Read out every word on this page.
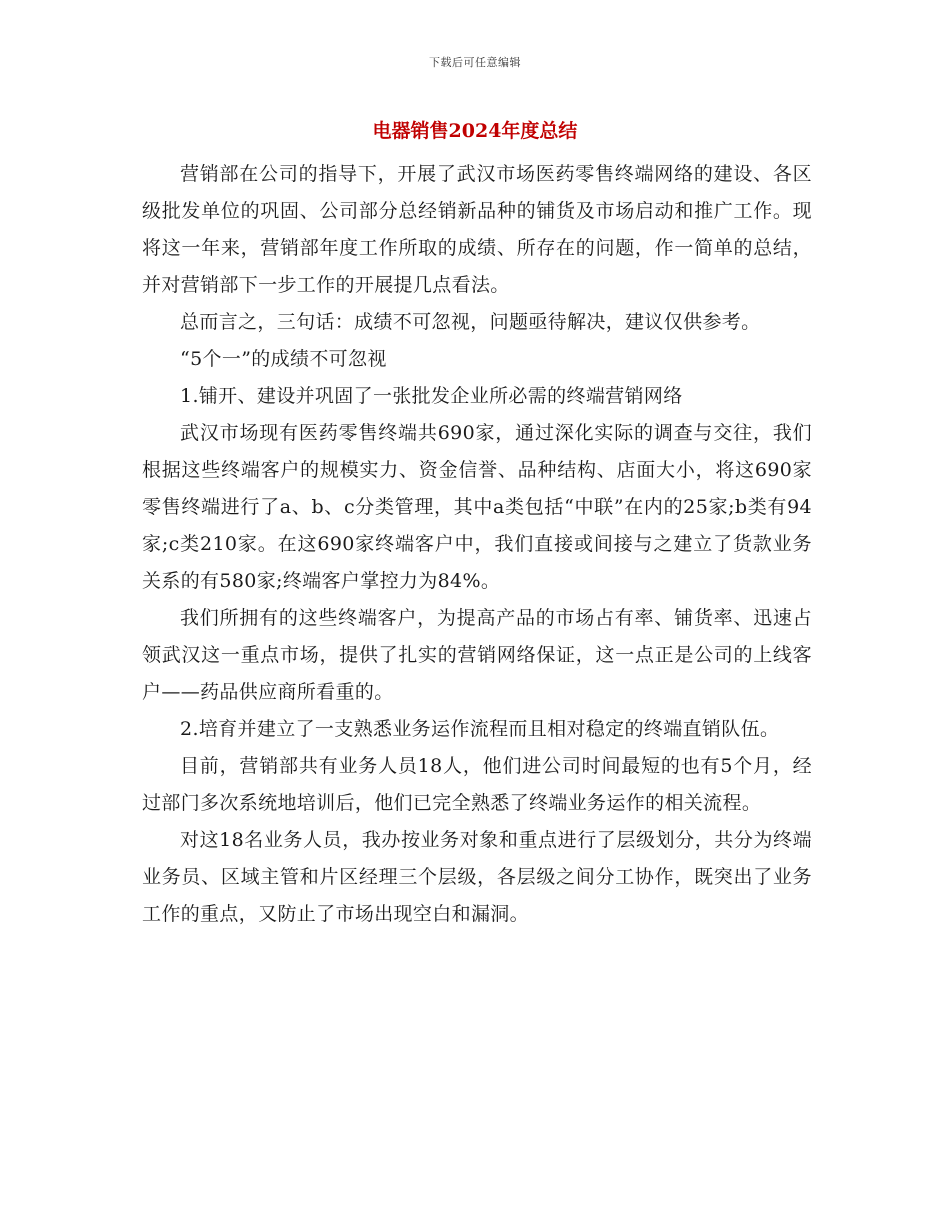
下载后可任意编辑
电器销售2024年度总结

营销部在公司的指导下，开展了武汉市场医药零售终端网络的建设、各区级批发单位的巩固、公司部分总经销新品种的铺货及市场启动和推广工作。现将这一年来，营销部年度工作所取的成绩、所存在的问题，作一简单的总结，并对营销部下一步工作的开展提几点看法。

总而言之，三句话：成绩不可忽视，问题亟待解决，建议仅供参考。

“5个一”的成绩不可忽视

1.铺开、建设并巩固了一张批发企业所必需的终端营销网络

武汉市场现有医药零售终端共690家，通过深化实际的调查与交往，我们根据这些终端客户的规模实力、资金信誉、品种结构、店面大小，将这690家零售终端进行了a、b、c分类管理，其中a类包括“中联”在内的25家;b类有94家;c类210家。在这690家终端客户中，我们直接或间接与之建立了货款业务关系的有580家;终端客户掌控力为84%。

我们所拥有的这些终端客户，为提高产品的市场占有率、铺货率、迅速占领武汉这一重点市场，提供了扎实的营销网络保证，这一点正是公司的上线客户——药品供应商所看重的。

2.培育并建立了一支熟悉业务运作流程而且相对稳定的终端直销队伍。

目前，营销部共有业务人员18人，他们进公司时间最短的也有5个月，经过部门多次系统地培训后，他们已完全熟悉了终端业务运作的相关流程。

对这18名业务人员，我办按业务对象和重点进行了层级划分，共分为终端业务员、区域主管和片区经理三个层级，各层级之间分工协作，既突出了业务工作的重点，又防止了市场出现空白和漏洞。
